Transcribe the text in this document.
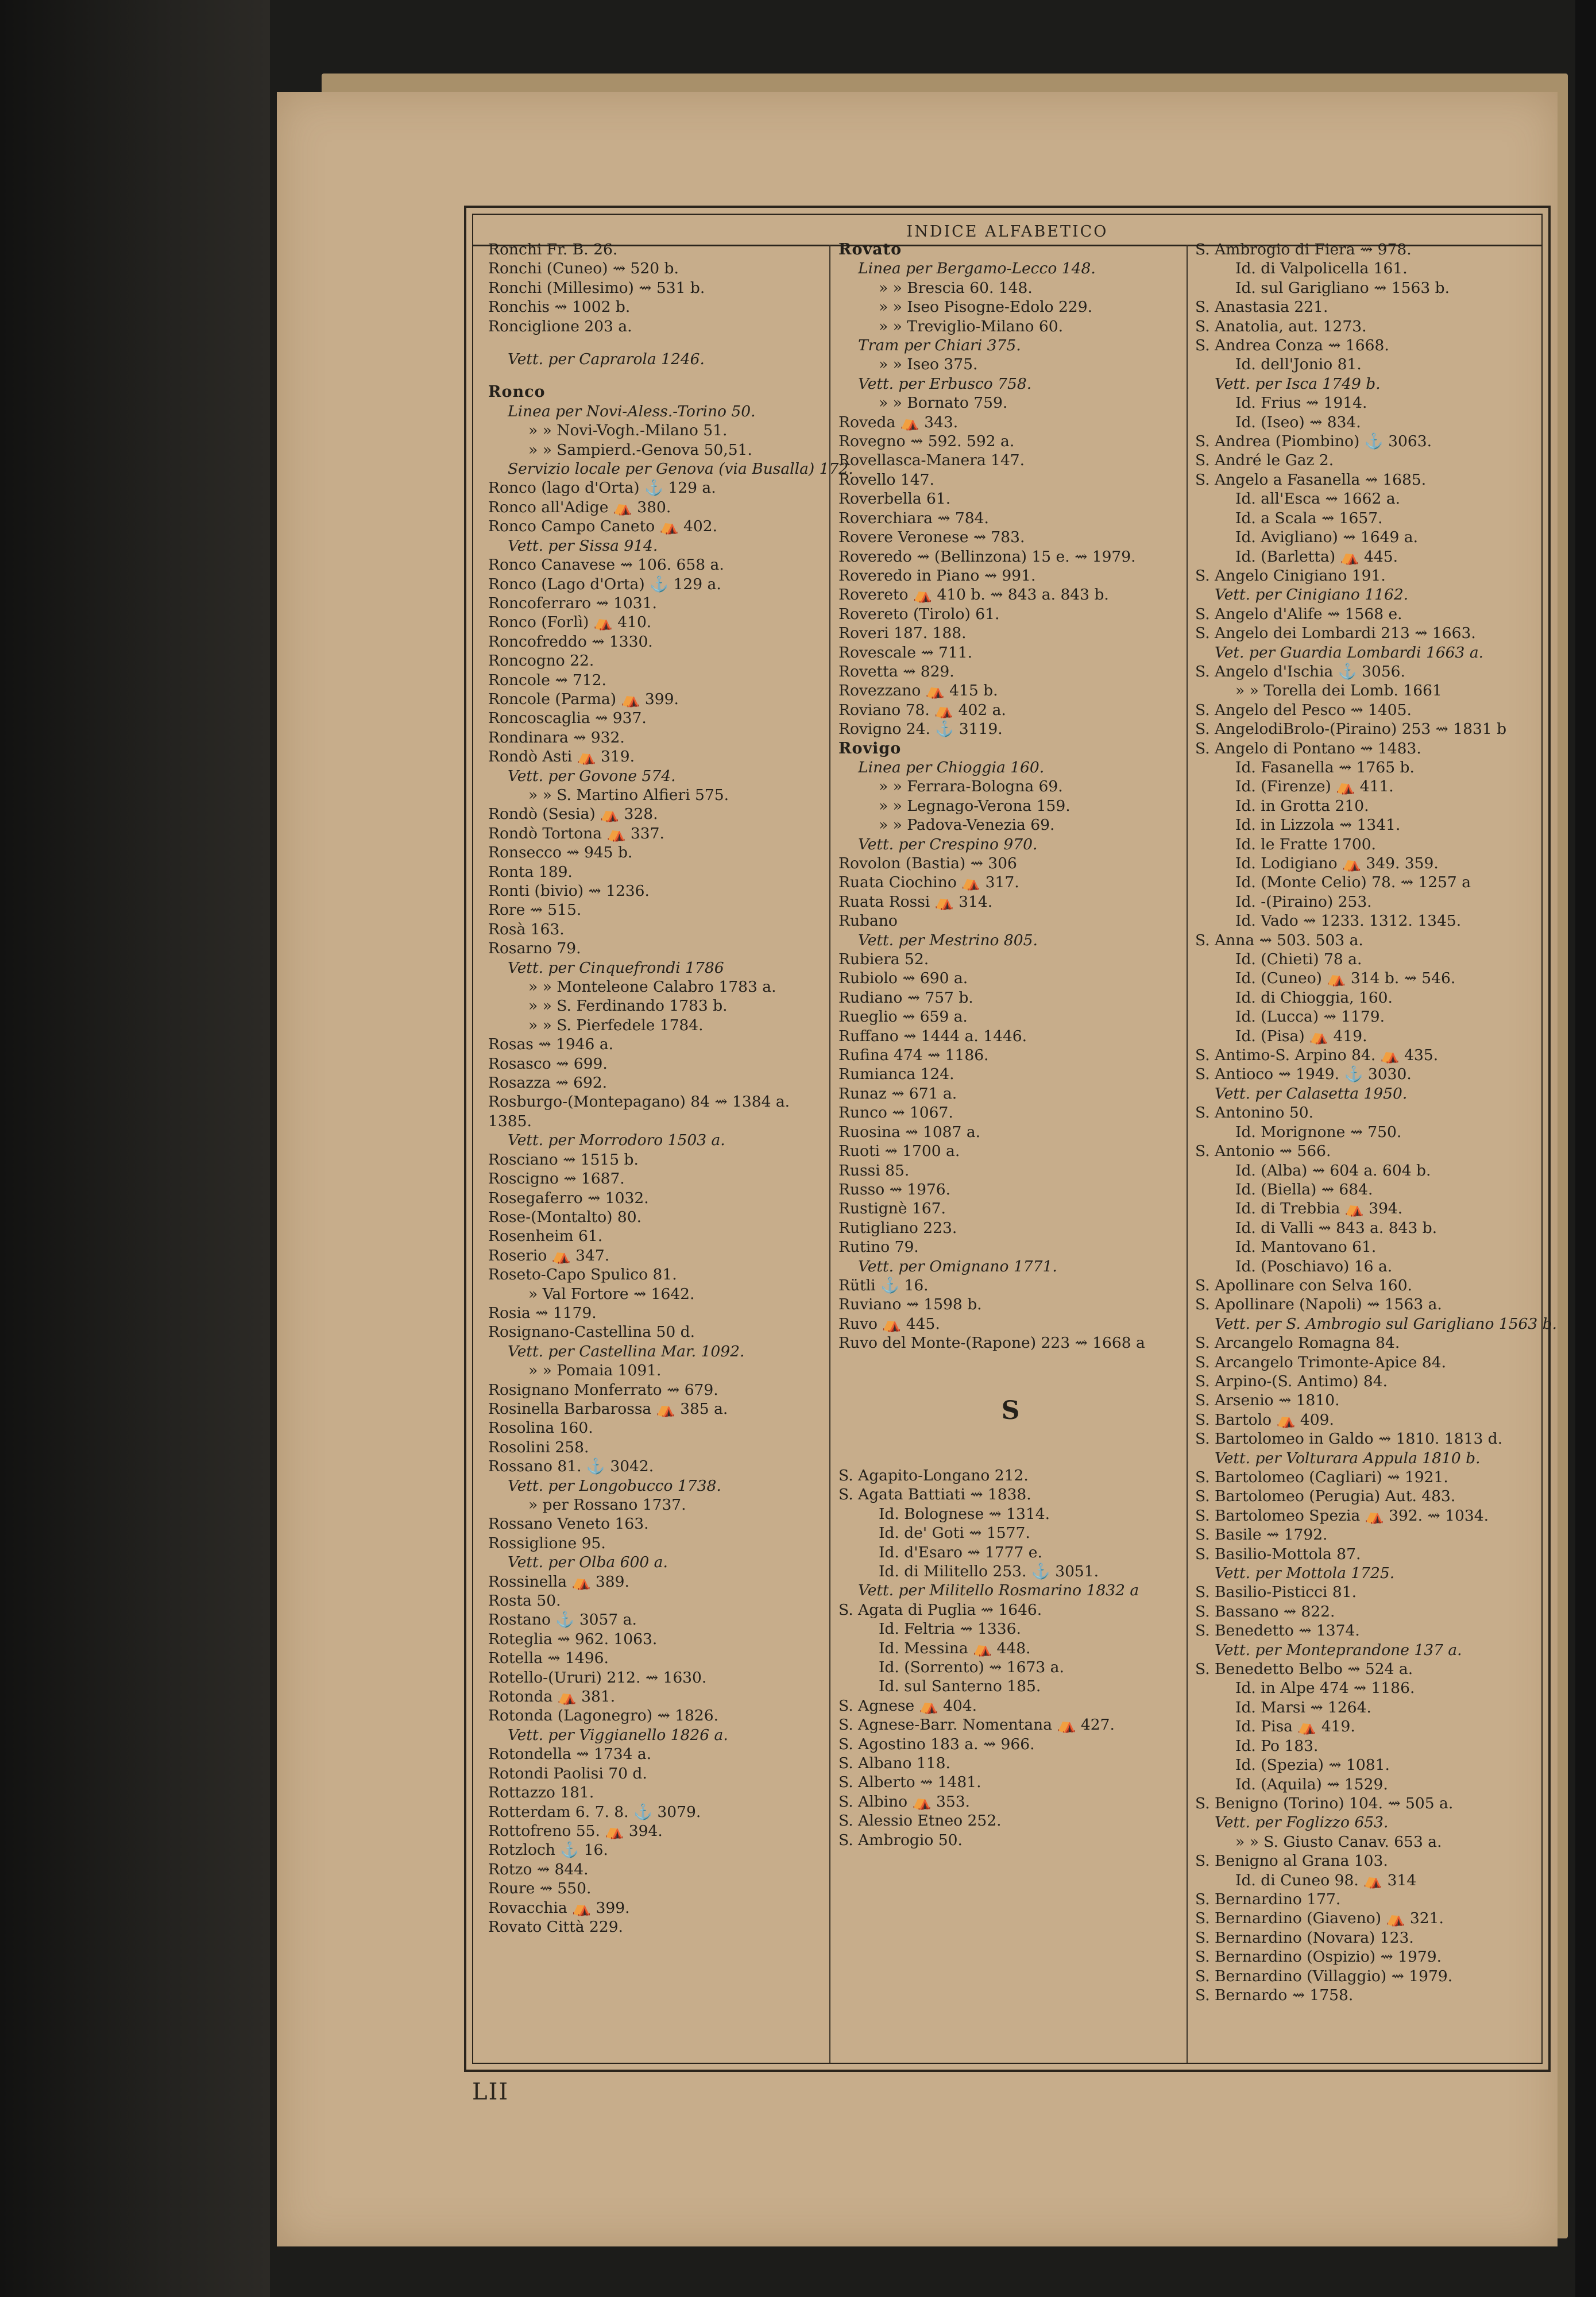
INDICE ALFABETICO
Ronchi Fr. B. 26.
Ronchi (Cuneo) ⇝ 520 b.
Ronchi (Millesimo) ⇝ 531 b.
Ronchis ⇝ 1002 b.
Ronciglione 203 a.
Vett. per Caprarola 1246.
Ronco
Linea per Novi-Aless.-Torino 50.
» » Novi-Vogh.-Milano 51.
» » Sampierd.-Genova 50,51.
Servizio locale per Genova (via Busalla) 172.
Ronco (lago d'Orta) ⚓ 129 a.
Ronco all'Adige ⛺ 380.
Ronco Campo Caneto ⛺ 402.
Vett. per Sissa 914.
Ronco Canavese ⇝ 106. 658 a.
Ronco (Lago d'Orta) ⚓ 129 a.
Roncoferraro ⇝ 1031.
Ronco (Forlì) ⛺ 410.
Roncofreddo ⇝ 1330.
Roncogno 22.
Roncole ⇝ 712.
Roncole (Parma) ⛺ 399.
Roncoscaglia ⇝ 937.
Rondinara ⇝ 932.
Rondò Asti ⛺ 319.
Vett. per Govone 574.
» » S. Martino Alfieri 575.
Rondò (Sesia) ⛺ 328.
Rondò Tortona ⛺ 337.
Ronsecco ⇝ 945 b.
Ronta 189.
Ronti (bivio) ⇝ 1236.
Rore ⇝ 515.
Rosà 163.
Rosarno 79.
Vett. per Cinquefrondi 1786
» » Monteleone Calabro 1783 a.
» » S. Ferdinando 1783 b.
» » S. Pierfedele 1784.
Rosas ⇝ 1946 a.
Rosasco ⇝ 699.
Rosazza ⇝ 692.
Rosburgo-(Montepagano) 84 ⇝ 1384 a.
1385.
Vett. per Morrodoro 1503 a.
Rosciano ⇝ 1515 b.
Roscigno ⇝ 1687.
Rosegaferro ⇝ 1032.
Rose-(Montalto) 80.
Rosenheim 61.
Roserio ⛺ 347.
Roseto-Capo Spulico 81.
» Val Fortore ⇝ 1642.
Rosia ⇝ 1179.
Rosignano-Castellina 50 d.
Vett. per Castellina Mar. 1092.
» » Pomaia 1091.
Rosignano Monferrato ⇝ 679.
Rosinella Barbarossa ⛺ 385 a.
Rosolina 160.
Rosolini 258.
Rossano 81. ⚓ 3042.
Vett. per Longobucco 1738.
» per Rossano 1737.
Rossano Veneto 163.
Rossiglione 95.
Vett. per Olba 600 a.
Rossinella ⛺ 389.
Rosta 50.
Rostano ⚓ 3057 a.
Roteglia ⇝ 962. 1063.
Rotella ⇝ 1496.
Rotello-(Ururi) 212. ⇝ 1630.
Rotonda ⛺ 381.
Rotonda (Lagonegro) ⇝ 1826.
Vett. per Viggianello 1826 a.
Rotondella ⇝ 1734 a.
Rotondi Paolisi 70 d.
Rottazzo 181.
Rotterdam 6. 7. 8. ⚓ 3079.
Rottofreno 55. ⛺ 394.
Rotzloch ⚓ 16.
Rotzo ⇝ 844.
Roure ⇝ 550.
Rovacchia ⛺ 399.
Rovato Città 229.
Rovato
Linea per Bergamo-Lecco 148.
» » Brescia 60. 148.
» » Iseo Pisogne-Edolo 229.
» » Treviglio-Milano 60.
Tram per Chiari 375.
» » Iseo 375.
Vett. per Erbusco 758.
» » Bornato 759.
Roveda ⛺ 343.
Rovegno ⇝ 592. 592 a.
Rovellasca-Manera 147.
Rovello 147.
Roverbella 61.
Roverchiara ⇝ 784.
Rovere Veronese ⇝ 783.
Roveredo ⇝ (Bellinzona) 15 e. ⇝ 1979.
Roveredo in Piano ⇝ 991.
Rovereto ⛺ 410 b. ⇝ 843 a. 843 b.
Rovereto (Tirolo) 61.
Roveri 187. 188.
Rovescale ⇝ 711.
Rovetta ⇝ 829.
Rovezzano ⛺ 415 b.
Roviano 78. ⛺ 402 a.
Rovigno 24. ⚓ 3119.
Rovigo
Linea per Chioggia 160.
» » Ferrara-Bologna 69.
» » Legnago-Verona 159.
» » Padova-Venezia 69.
Vett. per Crespino 970.
Rovolon (Bastia) ⇝ 306
Ruata Ciochino ⛺ 317.
Ruata Rossi ⛺ 314.
Rubano
Vett. per Mestrino 805.
Rubiera 52.
Rubiolo ⇝ 690 a.
Rudiano ⇝ 757 b.
Rueglio ⇝ 659 a.
Ruffano ⇝ 1444 a. 1446.
Rufina 474 ⇝ 1186.
Rumianca 124.
Runaz ⇝ 671 a.
Runco ⇝ 1067.
Ruosina ⇝ 1087 a.
Ruoti ⇝ 1700 a.
Russi 85.
Russo ⇝ 1976.
Rustignè 167.
Rutigliano 223.
Rutino 79.
Vett. per Omignano 1771.
Rütli ⚓ 16.
Ruviano ⇝ 1598 b.
Ruvo ⛺ 445.
Ruvo del Monte-(Rapone) 223 ⇝ 1668 a
S
S. Agapito-Longano 212.
S. Agata Battiati ⇝ 1838.
Id. Bolognese ⇝ 1314.
Id. de' Goti ⇝ 1577.
Id. d'Esaro ⇝ 1777 e.
Id. di Militello 253. ⚓ 3051.
Vett. per Militello Rosmarino 1832 a
S. Agata di Puglia ⇝ 1646.
Id. Feltria ⇝ 1336.
Id. Messina ⛺ 448.
Id. (Sorrento) ⇝ 1673 a.
Id. sul Santerno 185.
S. Agnese ⛺ 404.
S. Agnese-Barr. Nomentana ⛺ 427.
S. Agostino 183 a. ⇝ 966.
S. Albano 118.
S. Alberto ⇝ 1481.
S. Albino ⛺ 353.
S. Alessio Etneo 252.
S. Ambrogio 50.
S. Ambrogio di Fiera ⇝ 978.
Id. di Valpolicella 161.
Id. sul Garigliano ⇝ 1563 b.
S. Anastasia 221.
S. Anatolia, aut. 1273.
S. Andrea Conza ⇝ 1668.
Id. dell'Jonio 81.
Vett. per Isca 1749 b.
Id. Frius ⇝ 1914.
Id. (Iseo) ⇝ 834.
S. Andrea (Piombino) ⚓ 3063.
S. André le Gaz 2.
S. Angelo a Fasanella ⇝ 1685.
Id. all'Esca ⇝ 1662 a.
Id. a Scala ⇝ 1657.
Id. Avigliano) ⇝ 1649 a.
Id. (Barletta) ⛺ 445.
S. Angelo Cinigiano 191.
Vett. per Cinigiano 1162.
S. Angelo d'Alife ⇝ 1568 e.
S. Angelo dei Lombardi 213 ⇝ 1663.
Vet. per Guardia Lombardi 1663 a.
S. Angelo d'Ischia ⚓ 3056.
» » Torella dei Lomb. 1661
S. Angelo del Pesco ⇝ 1405.
S. AngelodiBrolo-(Piraino) 253 ⇝ 1831 b
S. Angelo di Pontano ⇝ 1483.
Id. Fasanella ⇝ 1765 b.
Id. (Firenze) ⛺ 411.
Id. in Grotta 210.
Id. in Lizzola ⇝ 1341.
Id. le Fratte 1700.
Id. Lodigiano ⛺ 349. 359.
Id. (Monte Celio) 78. ⇝ 1257 a
Id. -(Piraino) 253.
Id. Vado ⇝ 1233. 1312. 1345.
S. Anna ⇝ 503. 503 a.
Id. (Chieti) 78 a.
Id. (Cuneo) ⛺ 314 b. ⇝ 546.
Id. di Chioggia, 160.
Id. (Lucca) ⇝ 1179.
Id. (Pisa) ⛺ 419.
S. Antimo-S. Arpino 84. ⛺ 435.
S. Antioco ⇝ 1949. ⚓ 3030.
Vett. per Calasetta 1950.
S. Antonino 50.
Id. Morignone ⇝ 750.
S. Antonio ⇝ 566.
Id. (Alba) ⇝ 604 a. 604 b.
Id. (Biella) ⇝ 684.
Id. di Trebbia ⛺ 394.
Id. di Valli ⇝ 843 a. 843 b.
Id. Mantovano 61.
Id. (Poschiavo) 16 a.
S. Apollinare con Selva 160.
S. Apollinare (Napoli) ⇝ 1563 a.
Vett. per S. Ambrogio sul Garigliano 1563 b.
S. Arcangelo Romagna 84.
S. Arcangelo Trimonte-Apice 84.
S. Arpino-(S. Antimo) 84.
S. Arsenio ⇝ 1810.
S. Bartolo ⛺ 409.
S. Bartolomeo in Galdo ⇝ 1810. 1813 d.
Vett. per Volturara Appula 1810 b.
S. Bartolomeo (Cagliari) ⇝ 1921.
S. Bartolomeo (Perugia) Aut. 483.
S. Bartolomeo Spezia ⛺ 392. ⇝ 1034.
S. Basile ⇝ 1792.
S. Basilio-Mottola 87.
Vett. per Mottola 1725.
S. Basilio-Pisticci 81.
S. Bassano ⇝ 822.
S. Benedetto ⇝ 1374.
Vett. per Monteprandone 137 a.
S. Benedetto Belbo ⇝ 524 a.
Id. in Alpe 474 ⇝ 1186.
Id. Marsi ⇝ 1264.
Id. Pisa ⛺ 419.
Id. Po 183.
Id. (Spezia) ⇝ 1081.
Id. (Aquila) ⇝ 1529.
S. Benigno (Torino) 104. ⇝ 505 a.
Vett. per Foglizzo 653.
» » S. Giusto Canav. 653 a.
S. Benigno al Grana 103.
Id. di Cuneo 98. ⛺ 314
S. Bernardino 177.
S. Bernardino (Giaveno) ⛺ 321.
S. Bernardino (Novara) 123.
S. Bernardino (Ospizio) ⇝ 1979.
S. Bernardino (Villaggio) ⇝ 1979.
S. Bernardo ⇝ 1758.
LII
